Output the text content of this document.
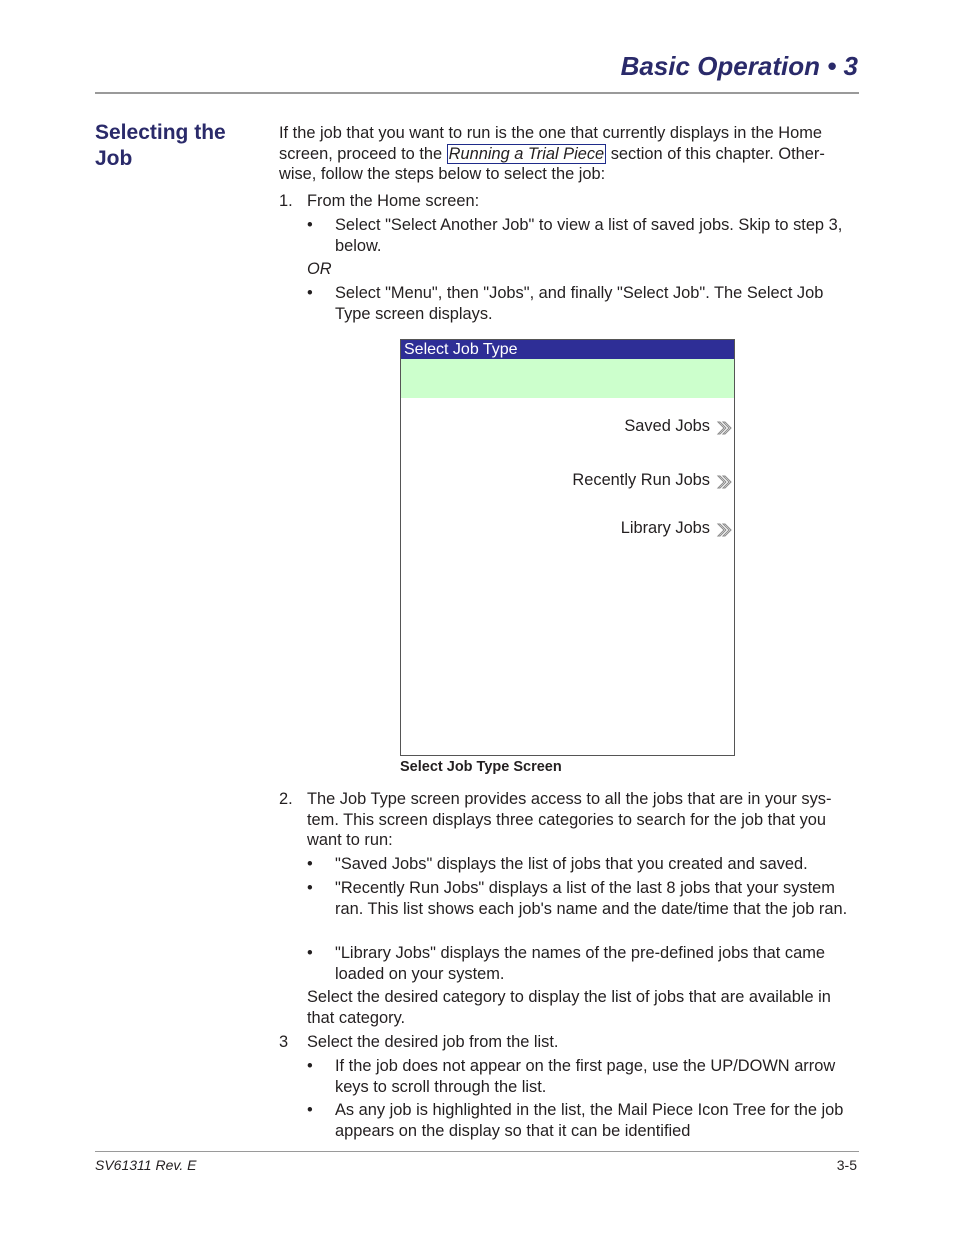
Basic Operation • 3
Selecting the Job

If the job that you want to run is the one that currently displays in the Home screen, proceed to the Running a Trial Piece section of this chapter. Other-wise, follow the steps below to select the job:

1. From the Home screen:
• Select "Select Another Job" to view a list of saved jobs. Skip to step 3, below.

OR

• Select "Menu", then "Jobs", and finally "Select Job". The Select Job Type screen displays.
Select Job Type
Saved Jobs
Recently Run Jobs
Library Jobs

Select Job Type Screen

2. The Job Type screen provides access to all the jobs that are in your sys-tem. This screen displays three categories to search for the job that you want to run:
• "Saved Jobs" displays the list of jobs that you created and saved.
• "Recently Run Jobs" displays a list of the last 8 jobs that your system ran. This list shows each job's name and the date/time that the job ran.
• "Library Jobs" displays the names of the pre-defined jobs that came loaded on your system.

Select the desired category to display the list of jobs that are available in that category.

3 Select the desired job from the list.
• If the job does not appear on the first page, use the UP/DOWN arrow keys to scroll through the list.
• As any job is highlighted in the list, the Mail Piece Icon Tree for the job appears on the display so that it can be identified

SV61311 Rev. E	3-5
